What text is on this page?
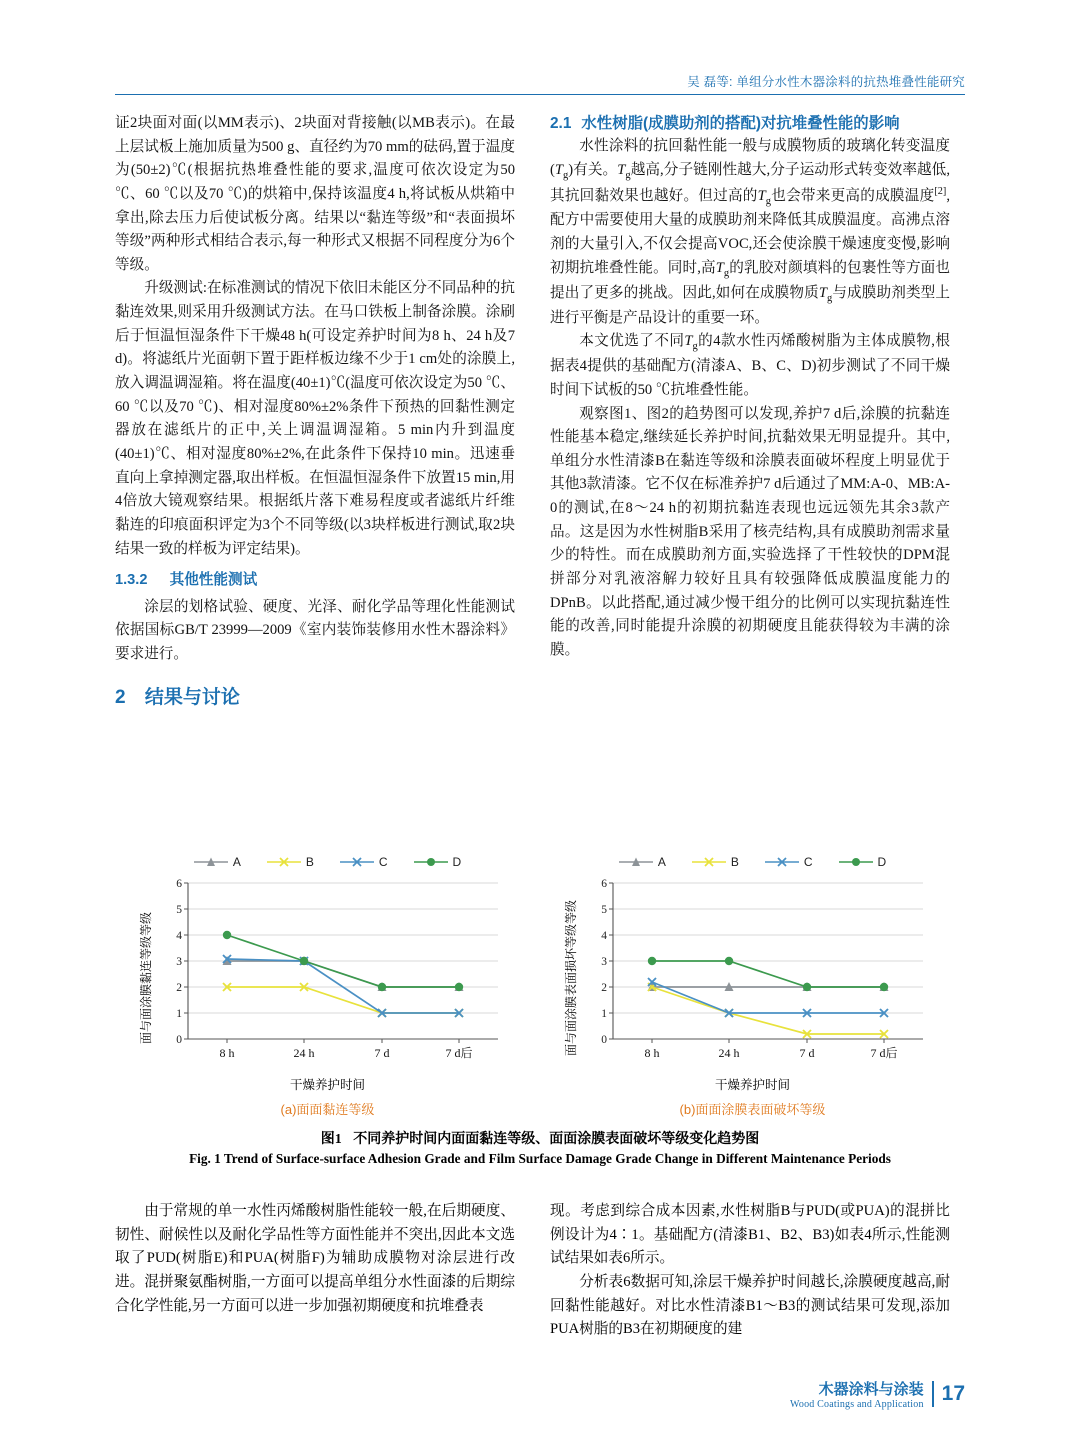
吴 磊等: 单组分水性木器涂料的抗热堆叠性能研究

证2块面对面(以MM表示)、2块面对背接触(以MB表示)。在最上层试板上施加质量为500 g、直径约为70 mm的砝码,置于温度为(50±2)℃(根据抗热堆叠性能的要求,温度可依次设定为50 ℃、60 ℃以及70 ℃)的烘箱中,保持该温度4 h,将试板从烘箱中拿出,除去压力后使试板分离。结果以“黏连等级”和“表面损坏等级”两种形式相结合表示,每一种形式又根据不同程度分为6个等级。

升级测试:在标准测试的情况下依旧未能区分不同品种的抗黏连效果,则采用升级测试方法。在马口铁板上制备涂膜。涂刷后于恒温恒湿条件下干燥48 h(可设定养护时间为8 h、24 h及7 d)。将滤纸片光面朝下置于距样板边缘不少于1 cm处的涂膜上,放入调温调湿箱。将在温度(40±1)℃(温度可依次设定为50 ℃、60 ℃以及70 ℃)、相对湿度80%±2%条件下预热的回黏性测定器放在滤纸片的正中,关上调温调湿箱。5 min内升到温度(40±1)℃、相对湿度80%±2%,在此条件下保持10 min。迅速垂直向上拿掉测定器,取出样板。在恒温恒湿条件下放置15 min,用4倍放大镜观察结果。根据纸片落下难易程度或者滤纸片纤维黏连的印痕面积评定为3个不同等级(以3块样板进行测试,取2块结果一致的样板为评定结果)。

1.3.2 其他性能测试

涂层的划格试验、硬度、光泽、耐化学品等理化性能测试依据国标GB/T 23999—2009《室内装饰装修用水性木器涂料》要求进行。

2 结果与讨论
2.1 水性树脂(成膜助剂的搭配)对抗堆叠性能的影响

水性涂料的抗回黏性能一般与成膜物质的玻璃化转变温度$(T_g)$有关。$T_g$越高,分子链刚性越大,分子运动形式转变效率越低,其抗回黏效果也越好。但过高的$T_g$也会带来更高的成膜温度[2],配方中需要使用大量的成膜助剂来降低其成膜温度。高沸点溶剂的大量引入,不仅会提高VOC,还会使涂膜干燥速度变慢,影响初期抗堆叠性能。同时,高$T_g$的乳胶对颜填料的包裹性等方面也提出了更多的挑战。因此,如何在成膜物质$T_g$与成膜助剂类型上进行平衡是产品设计的重要一环。

本文优选了不同$T_g$的4款水性丙烯酸树脂为主体成膜物,根据表4提供的基础配方(清漆A、B、C、D)初步测试了不同干燥时间下试板的50 ℃抗堆叠性能。

观察图1、图2的趋势图可以发现,养护7 d后,涂膜的抗黏连性能基本稳定,继续延长养护时间,抗黏效果无明显提升。其中,单组分水性清漆B在黏连等级和涂膜表面破坏程度上明显优于其他3款清漆。它不仅在标准养护7 d后通过了MM:A-0、MB:A-0的测试,在8～24 h的初期抗黏连表现也远远领先其余3款产品。这是因为水性树脂B采用了核壳结构,具有成膜助剂需求量少的特性。而在成膜助剂方面,实验选择了干性较快的DPM混拼部分对乳液溶解力较好且具有较强降低成膜温度能力的DPnB。以此搭配,通过减少慢干组分的比例可以实现抗黏连性能的改善,同时能提升涂膜的初期硬度且能获得较为丰满的涂膜。

A	B	C	D
面与面涂膜黏连等级等级 0
1
2
3
4
5
6
8 h	24 h	7 d	7 d后
干燥养护时间
(a)面面黏连等级
A	B	C	D
面与面涂膜表面损坏等级等级 0
1
2
3
4
5
6
8 h	24 h	7 d	7 d后
干燥养护时间
(b)面面涂膜表面破坏等级
图1 不同养护时间内面面黏连等级、面面涂膜表面破坏等级变化趋势图
Fig. 1 Trend of Surface-surface Adhesion Grade and Film Surface Damage Grade Change in Different Maintenance Periods

由于常规的单一水性丙烯酸树脂性能较一般,在后期硬度、韧性、耐候性以及耐化学品性等方面性能并不突出,因此本文选取了PUD(树脂E)和PUA(树脂F)为辅助成膜物对涂层进行改进。混拼聚氨酯树脂,一方面可以提高单组分水性面漆的后期综合化学性能,另一方面可以进一步加强初期硬度和抗堆叠表

现。考虑到综合成本因素,水性树脂B与PUD(或PUA)的混拼比例设计为4∶1。基础配方(清漆B1、B2、B3)如表4所示,性能测试结果如表6所示。

分析表6数据可知,涂层干燥养护时间越长,涂膜硬度越高,耐回黏性能越好。对比水性清漆B1～B3的测试结果可发现,添加PUA树脂的B3在初期硬度的建

木器涂料与涂装
Wood Coatings and Application 17
